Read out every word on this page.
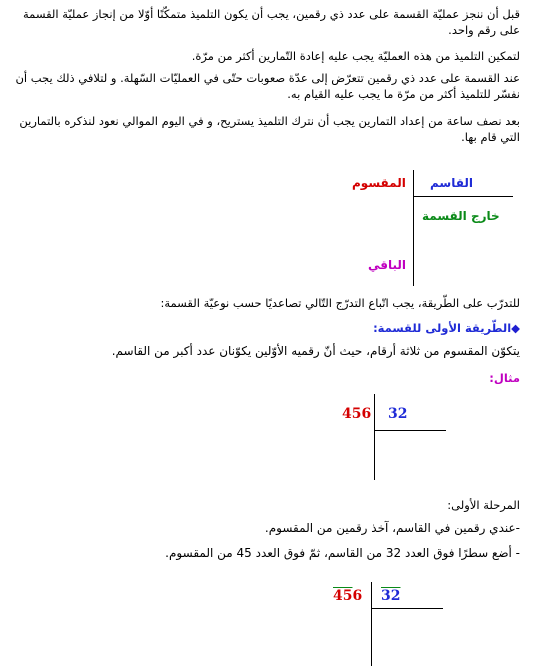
قبل أن ننجز عمليّة القسمة على عدد ذي رقمين، يجب أن يكون التلميذ متمكّنًا أوّلا من إنجاز عمليّة القسمة على رقم واحد.

لتمكين التلميذ من هذه العمليّة يجب عليه إعادة التّمارين أكثر من مرّة.

عند القسمة على عدد ذي رقمين تتعرّض إلى عدّة صعوبات حتّى في العمليّات السّهلة. و لتلافي ذلك يجب أن نفسّر للتلميذ أكثر من مرّة ما يجب عليه القيام به.

بعد نصف ساعة من إعداد التمارين يجب أن نترك التلميذ يستريح، و في اليوم الموالي نعود لنذكره بالتمارين التي قام بها.

القاسم
المقسوم
خارج القسمة
الباقي

للتدرّب على الطّريقة، يجب اتّباع التدرّج التّالي تصاعديًا حسب نوعيّة القسمة:

◆الطّريقة الأولى للقسمة:

يتكوّن المقسوم من ثلاثة أرقام، حيث أنّ رقميه الأوّلين يكوّنان عدد أكبر من القاسم.

مثال:

456 32

المرحلة الأولى:

-عندي رقمين في القاسم، آخذ رقمين من المقسوم.

- أضع سطرًا فوق العدد 32 من القاسم، ثمّ فوق العدد 45 من المقسوم.

456 32
